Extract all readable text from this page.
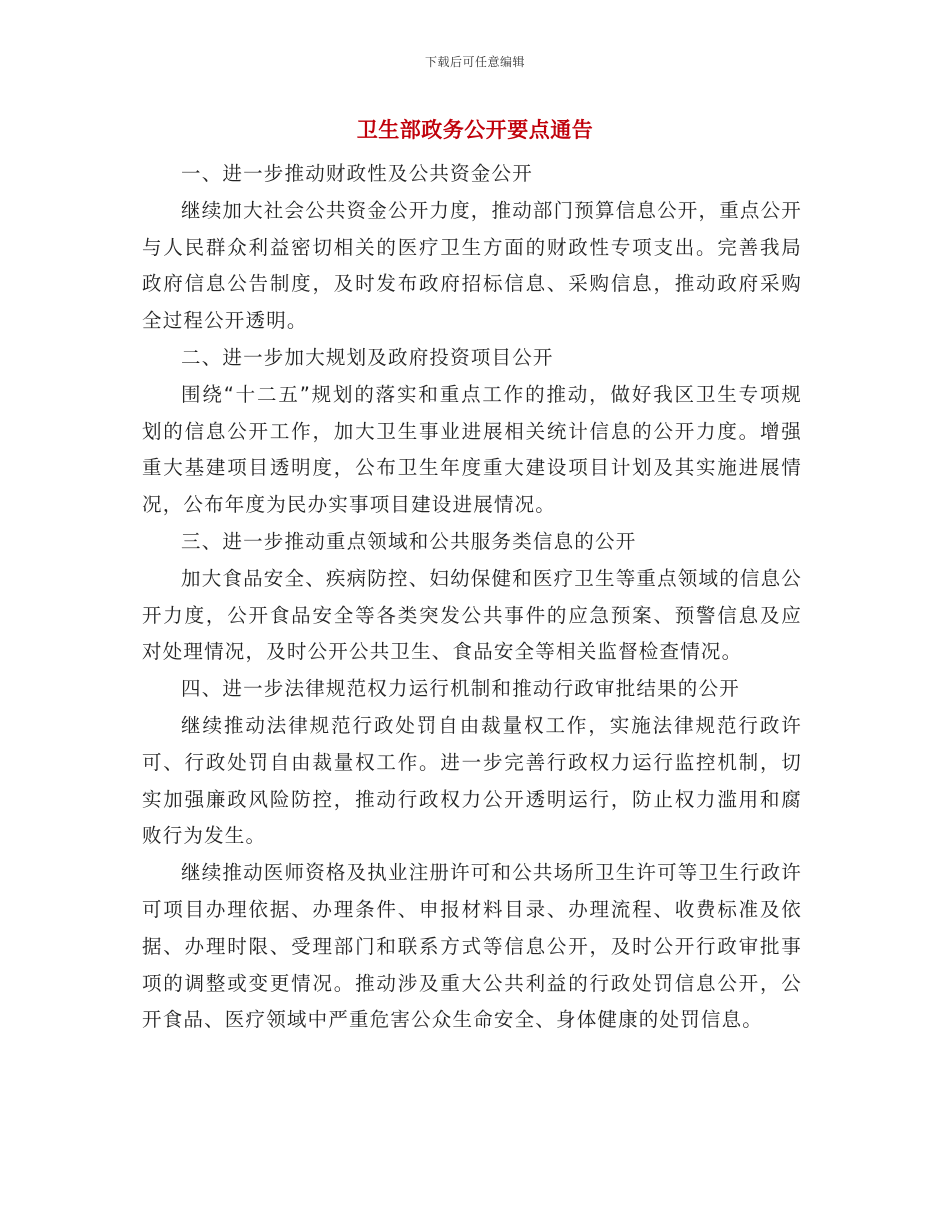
下载后可任意编辑
卫生部政务公开要点通告

一、进一步推动财政性及公共资金公开

继续加大社会公共资金公开力度，推动部门预算信息公开，重点公开与人民群众利益密切相关的医疗卫生方面的财政性专项支出。完善我局政府信息公告制度，及时发布政府招标信息、采购信息，推动政府采购全过程公开透明。

二、进一步加大规划及政府投资项目公开

围绕“十二五”规划的落实和重点工作的推动，做好我区卫生专项规划的信息公开工作，加大卫生事业进展相关统计信息的公开力度。增强重大基建项目透明度，公布卫生年度重大建设项目计划及其实施进展情况，公布年度为民办实事项目建设进展情况。

三、进一步推动重点领域和公共服务类信息的公开

加大食品安全、疾病防控、妇幼保健和医疗卫生等重点领域的信息公开力度，公开食品安全等各类突发公共事件的应急预案、预警信息及应对处理情况，及时公开公共卫生、食品安全等相关监督检查情况。

四、进一步法律规范权力运行机制和推动行政审批结果的公开

继续推动法律规范行政处罚自由裁量权工作，实施法律规范行政许可、行政处罚自由裁量权工作。进一步完善行政权力运行监控机制，切实加强廉政风险防控，推动行政权力公开透明运行，防止权力滥用和腐败行为发生。

继续推动医师资格及执业注册许可和公共场所卫生许可等卫生行政许可项目办理依据、办理条件、申报材料目录、办理流程、收费标准及依据、办理时限、受理部门和联系方式等信息公开，及时公开行政审批事项的调整或变更情况。推动涉及重大公共利益的行政处罚信息公开，公开食品、医疗领域中严重危害公众生命安全、身体健康的处罚信息。
